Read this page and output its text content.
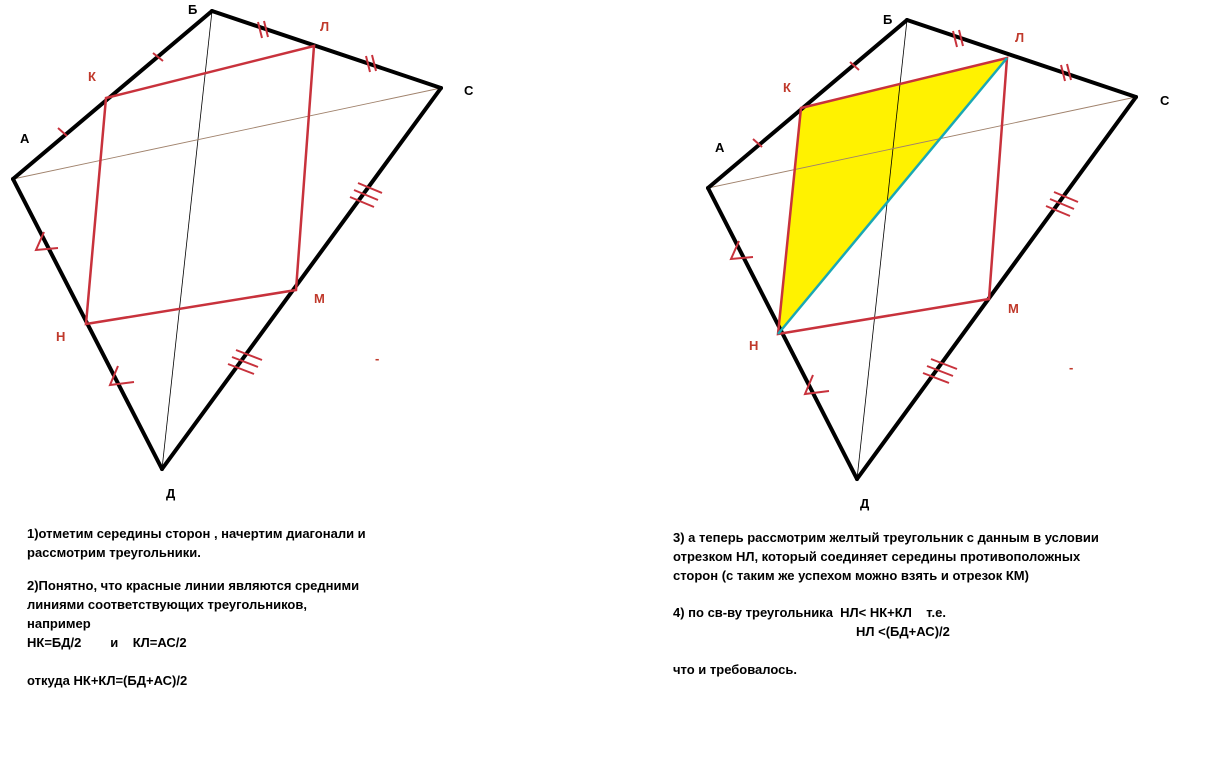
Б
С
А
Д
К
Л
М
Н
-
Б
С
А
Д
К
Л
М
Н
-
1)отметим середины сторон , начертим диагонали и
рассмотрим треугольники.
2)Понятно, что красные линии являются средними
линиями соответствующих треугольников,
например
НК=БД/2        и    КЛ=АС/2
откуда НК+КЛ=(БД+АС)/2
3) а теперь рассмотрим желтый треугольник с данным в условии
отрезком НЛ, который соединяет середины противоположных
сторон (с таким же успехом можно взять и отрезок КМ)
4) по св-ву треугольника  НЛ< НК+КЛ    т.е.
НЛ <(БД+АС)/2
что и требовалось.
